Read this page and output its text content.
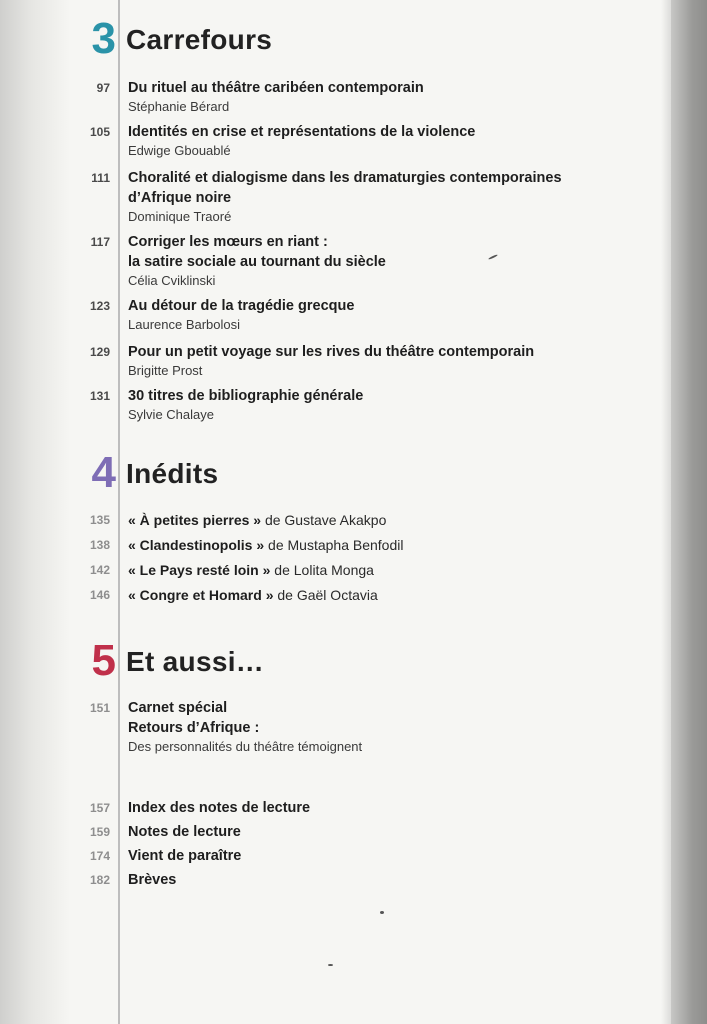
3 Carrefours
97 Du rituel au théâtre caribéen contemporain

Stéphanie Bérard

105 Identités en crise et représentations de la violence

Edwige Gbouablé

111 Choralité et dialogisme dans les dramaturgies contemporaines

d’Afrique noire

Dominique Traoré

117 Corriger les mœurs en riant :

la satire sociale au tournant du siècle

Célia Cviklinski

123 Au détour de la tragédie grecque

Laurence Barbolosi

129 Pour un petit voyage sur les rives du théâtre contemporain

Brigitte Prost

131 30 titres de bibliographie générale

Sylvie Chalaye

4 Inédits
135 « À petites pierres » de Gustave Akakpo
138 « Clandestinopolis » de Mustapha Benfodil
142 « Le Pays resté loin » de Lolita Monga
146 « Congre et Homard » de Gaël Octavia
5 Et aussi…
151 Carnet spécial

Retours d’Afrique :

Des personnalités du théâtre témoignent

157 Index des notes de lecture

159 Notes de lecture

174 Vient de paraître

182 Brèves
